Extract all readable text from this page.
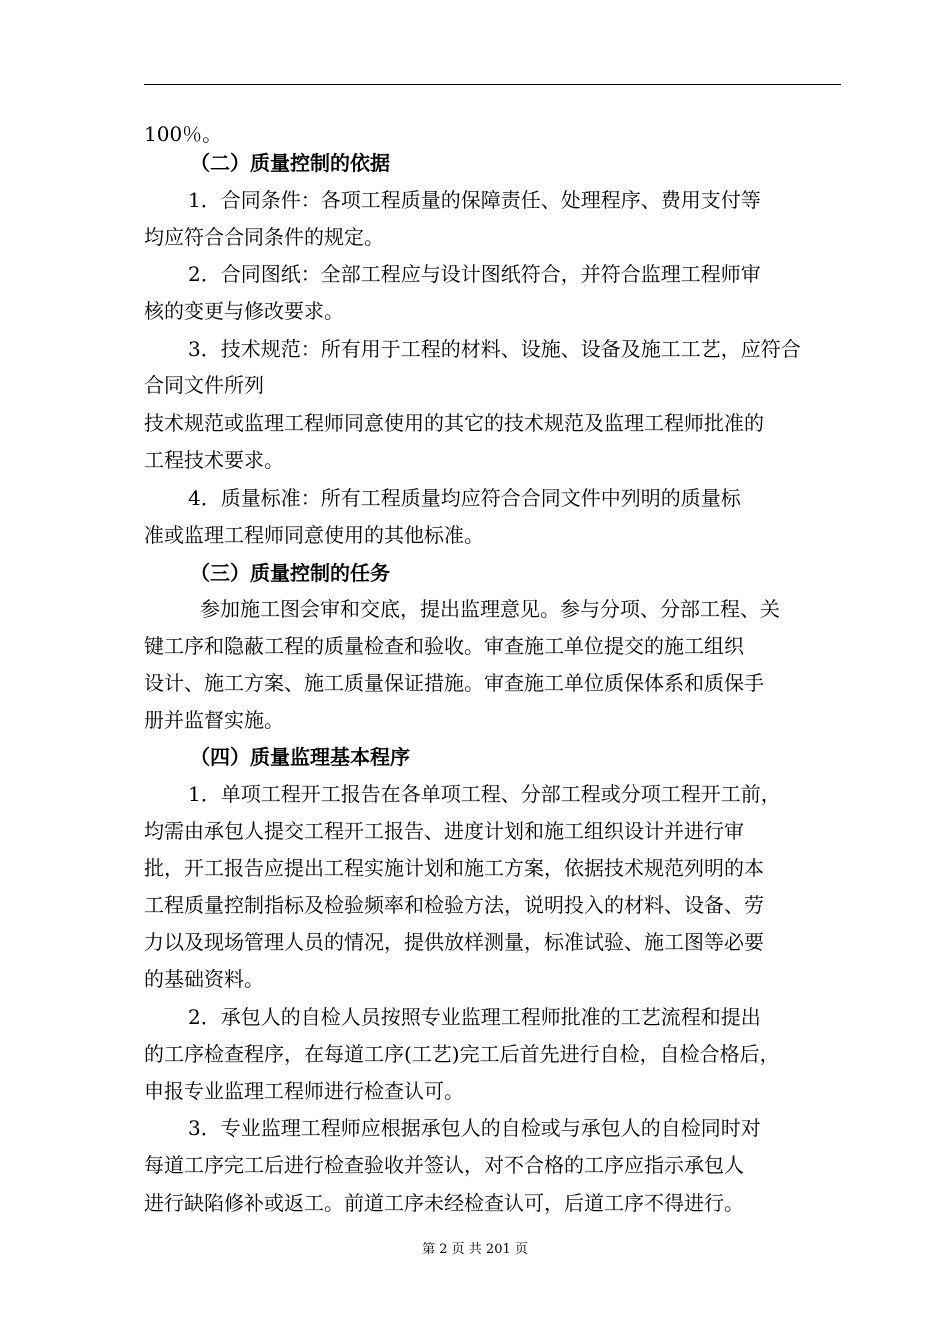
100％。
（二）质量控制的依据
1．合同条件：各项工程质量的保障责任、处理程序、费用支付等
均应符合合同条件的规定。
2．合同图纸：全部工程应与设计图纸符合，并符合监理工程师审
核的变更与修改要求。
3．技术规范：所有用于工程的材料、设施、设备及施工工艺，应符合
合同文件所列
技术规范或监理工程师同意使用的其它的技术规范及监理工程师批准的
工程技术要求。
4．质量标准：所有工程质量均应符合合同文件中列明的质量标
准或监理工程师同意使用的其他标准。
（三）质量控制的任务
参加施工图会审和交底，提出监理意见。参与分项、分部工程、关
键工序和隐蔽工程的质量检查和验收。审查施工单位提交的施工组织
设计、施工方案、施工质量保证措施。审查施工单位质保体系和质保手
册并监督实施。
（四）质量监理基本程序
1．单项工程开工报告在各单项工程、分部工程或分项工程开工前，
均需由承包人提交工程开工报告、进度计划和施工组织设计并进行审
批，开工报告应提出工程实施计划和施工方案，依据技术规范列明的本
工程质量控制指标及检验频率和检验方法，说明投入的材料、设备、劳
力以及现场管理人员的情况，提供放样测量，标准试验、施工图等必要
的基础资料。
2．承包人的自检人员按照专业监理工程师批准的工艺流程和提出
的工序检查程序，在每道工序(工艺)完工后首先进行自检，自检合格后，
申报专业监理工程师进行检查认可。
3．专业监理工程师应根据承包人的自检或与承包人的自检同时对
每道工序完工后进行检查验收并签认，对不合格的工序应指示承包人
进行缺陷修补或返工。前道工序未经检查认可，后道工序不得进行。
第 2 页 共 201 页
